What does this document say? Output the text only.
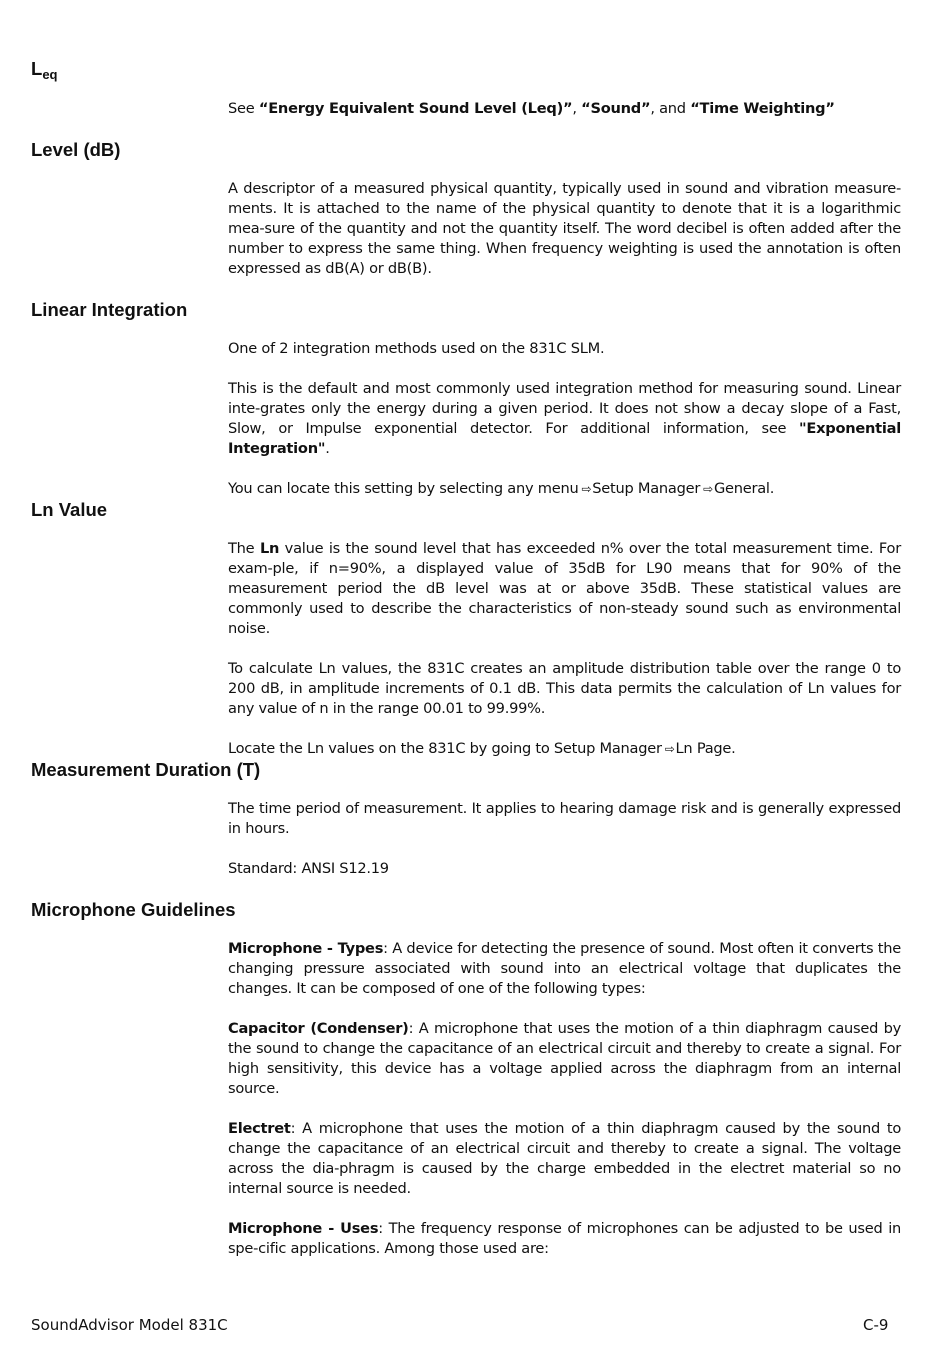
$L_{eq}$

See “Energy Equivalent Sound Level (Leq)”, “Sound”, and “Time Weighting”

Level (dB)

A descriptor of a measured physical quantity, typically used in sound and vibration measure-ments. It is attached to the name of the physical quantity to denote that it is a logarithmic mea-sure of the quantity and not the quantity itself. The word decibel is often added after the number to express the same thing. When frequency weighting is used the annotation is often expressed as dB(A) or dB(B).

Linear Integration

One of 2 integration methods used on the 831C SLM.

This is the default and most commonly used integration method for measuring sound. Linear inte-grates only the energy during a given period. It does not show a decay slope of a Fast, Slow, or Impulse exponential detector. For additional information, see "Exponential Integration".

You can locate this setting by selecting any menu ⇨Setup Manager ⇨General.

Ln Value

The Ln value is the sound level that has exceeded n% over the total measurement time. For exam-ple, if n=90%, a displayed value of 35dB for L90 means that for 90% of the measurement period the dB level was at or above 35dB. These statistical values are commonly used to describe the characteristics of non-steady sound such as environmental noise.

To calculate Ln values, the 831C creates an amplitude distribution table over the range 0 to 200 dB, in amplitude increments of 0.1 dB. This data permits the calculation of Ln values for any value of n in the range 00.01 to 99.99%.

Locate the Ln values on the 831C by going to Setup Manager ⇨Ln Page.

Measurement Duration (T)

The time period of measurement. It applies to hearing damage risk and is generally expressed in hours.

Standard: ANSI S12.19

Microphone Guidelines

Microphone - Types: A device for detecting the presence of sound. Most often it converts the changing pressure associated with sound into an electrical voltage that duplicates the changes. It can be composed of one of the following types:

Capacitor (Condenser): A microphone that uses the motion of a thin diaphragm caused by the sound to change the capacitance of an electrical circuit and thereby to create a signal. For high sensitivity, this device has a voltage applied across the diaphragm from an internal source.

Electret: A microphone that uses the motion of a thin diaphragm caused by the sound to change the capacitance of an electrical circuit and thereby to create a signal. The voltage across the dia-phragm is caused by the charge embedded in the electret material so no internal source is needed.

Microphone - Uses: The frequency response of microphones can be adjusted to be used in spe-cific applications. Among those used are:

SoundAdvisor Model 831C	C-9
